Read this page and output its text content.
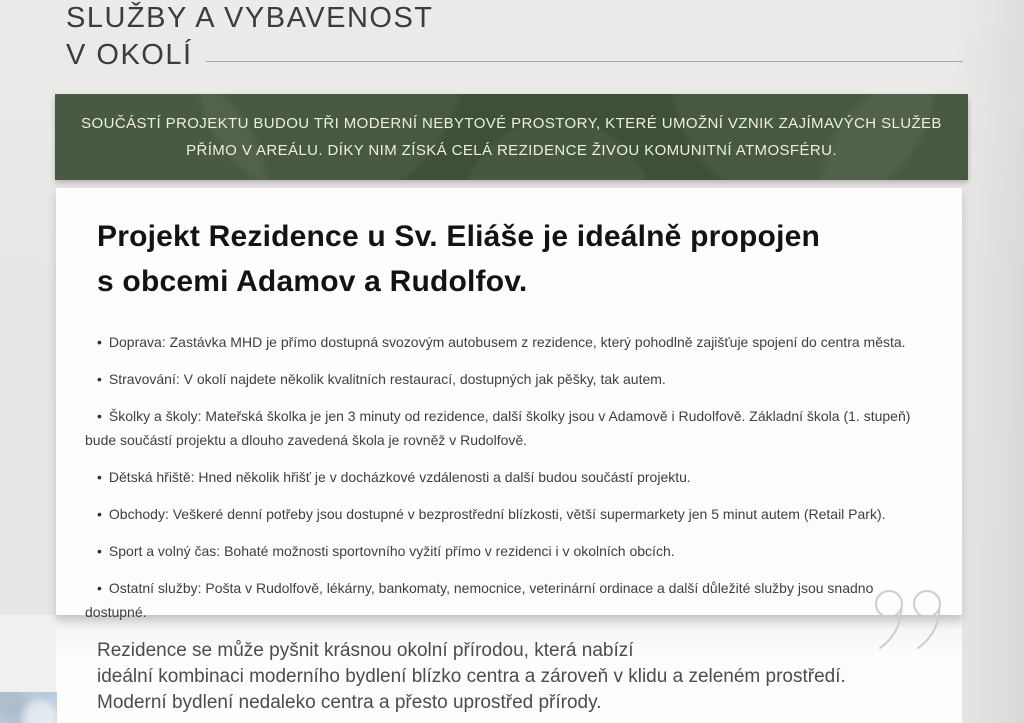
SLUŽBY A VYBAVENOST
V OKOLÍ
SOUČÁSTÍ PROJEKTU BUDOU TŘI MODERNÍ NEBYTOVÉ PROSTORY, KTERÉ UMOŽNÍ VZNIK ZAJÍMAVÝCH SLUŽEB
PŘÍMO V AREÁLU. DÍKY NIM ZÍSKÁ CELÁ REZIDENCE ŽIVOU KOMUNITNÍ ATMOSFÉRU.
Projekt Rezidence u Sv. Eliáše je ideálně propojen
s obcemi Adamov a Rudolfov.
• Doprava: Zastávka MHD je přímo dostupná svozovým autobusem z rezidence, který pohodlně zajišťuje spojení do centra města.
• Stravování: V okolí najdete několik kvalitních restaurací, dostupných jak pěšky, tak autem.
• Školky a školy: Mateřská školka je jen 3 minuty od rezidence, další školky jsou v Adamově i Rudolfově. Základní škola (1. stupeň) bude součástí projektu a dlouho zavedená škola je rovněž v Rudolfově.
• Dětská hřiště: Hned několik hřišť je v docházkové vzdálenosti a další budou součástí projektu.
• Obchody: Veškeré denní potřeby jsou dostupné v bezprostřední blízkosti, větší supermarkety jen 5 minut autem (Retail Park).
• Sport a volný čas: Bohaté možnosti sportovního vyžití přímo v rezidenci i v okolních obcích.
• Ostatní služby: Pošta v Rudolfově, lékárny, bankomaty, nemocnice, veterinární ordinace a další důležité služby jsou snadno dostupné.
Rezidence se může pyšnit krásnou okolní přírodou, která nabízí
ideální kombinaci moderního bydlení blízko centra a zároveň v klidu a zeleném prostředí.
Moderní bydlení nedaleko centra a přesto uprostřed přírody.
